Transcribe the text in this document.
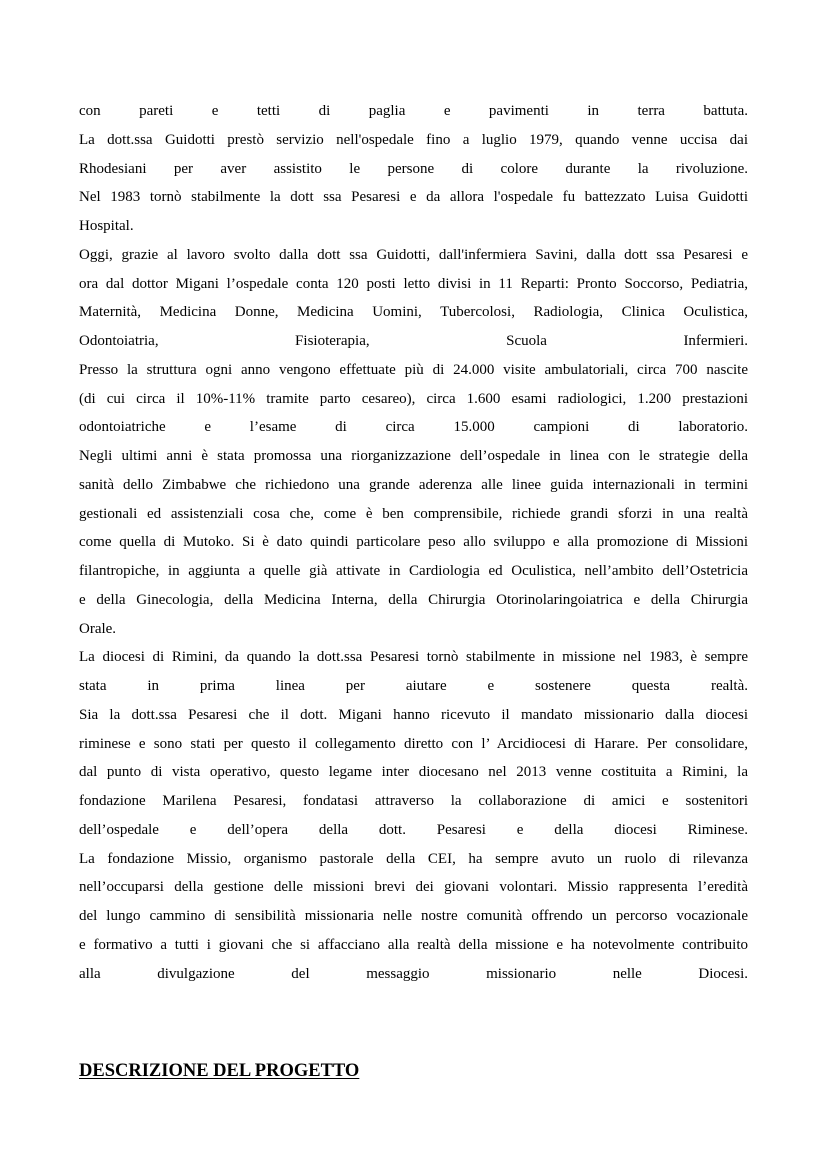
con pareti e tetti di paglia e pavimenti in terra battuta.
La dott.ssa Guidotti prestò servizio nell'ospedale fino a luglio 1979, quando venne uccisa dai
Rhodesiani per aver assistito le persone di colore durante la rivoluzione.
Nel 1983 tornò stabilmente la dott ssa Pesaresi e da allora l'ospedale fu battezzato Luisa Guidotti
Hospital.
Oggi, grazie al lavoro svolto dalla dott ssa Guidotti, dall'infermiera Savini, dalla dott ssa Pesaresi e
ora dal dottor Migani l’ospedale conta 120 posti letto divisi in 11 Reparti: Pronto Soccorso, Pediatria,
Maternità, Medicina Donne, Medicina Uomini, Tubercolosi, Radiologia, Clinica Oculistica,
Odontoiatria, Fisioterapia, Scuola Infermieri.
Presso la struttura ogni anno vengono effettuate più di 24.000 visite ambulatoriali, circa 700 nascite
(di cui circa il 10%-11% tramite parto cesareo), circa 1.600 esami radiologici, 1.200 prestazioni
odontoiatriche e l’esame di circa 15.000 campioni di laboratorio.
Negli ultimi anni è stata promossa una riorganizzazione dell’ospedale in linea con le strategie della
sanità dello Zimbabwe che richiedono una grande aderenza alle linee guida internazionali in termini
gestionali ed assistenziali cosa che, come è ben comprensibile, richiede grandi sforzi in una realtà
come quella di Mutoko. Si è dato quindi particolare peso allo sviluppo e alla promozione di Missioni
filantropiche, in aggiunta a quelle già attivate in Cardiologia ed Oculistica, nell’ambito dell’Ostetricia
e della Ginecologia, della Medicina Interna, della Chirurgia Otorinolaringoiatrica e della Chirurgia
Orale.
La diocesi di Rimini, da quando la dott.ssa Pesaresi tornò stabilmente in missione nel 1983, è sempre
stata in prima linea per aiutare e sostenere questa realtà.
Sia la dott.ssa Pesaresi che il dott. Migani hanno ricevuto il mandato missionario dalla diocesi
riminese e sono stati per questo il collegamento diretto con l’ Arcidiocesi di Harare. Per consolidare,
dal punto di vista operativo, questo legame inter diocesano nel 2013 venne costituita a Rimini, la
fondazione Marilena Pesaresi, fondatasi attraverso la collaborazione di amici e sostenitori
dell’ospedale e dell’opera della dott. Pesaresi e della diocesi Riminese.
La fondazione Missio, organismo pastorale della CEI, ha sempre avuto un ruolo di rilevanza
nell’occuparsi della gestione delle missioni brevi dei giovani volontari. Missio rappresenta l’eredità
del lungo cammino di sensibilità missionaria nelle nostre comunità offrendo un percorso vocazionale
e formativo a tutti i giovani che si affacciano alla realtà della missione e ha notevolmente contribuito
alla divulgazione del messaggio missionario nelle Diocesi.
DESCRIZIONE DEL PROGETTO
